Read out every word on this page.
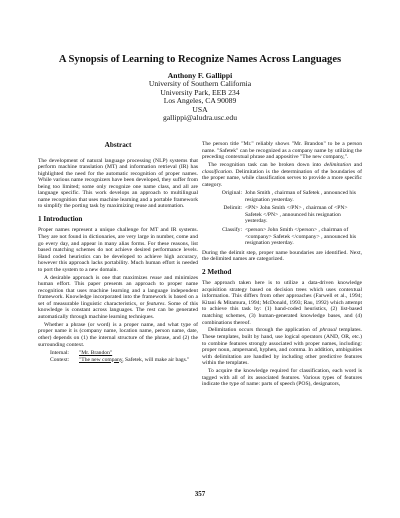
A Synopsis of Learning to Recognize Names Across Languages
Anthony F. Gallippi
University of Southern California
University Park, EEB 234
Los Angeles, CA 90089
USA
gallippi@aludra.usc.edu
Abstract

The development of natural language processing (NLP) systems that perform machine translation (MT) and information retrieval (IR) has highlighted the need for the automatic recognition of proper names. While various name recognizers have been developed, they suffer from being too limited; some only recognize one name class, and all are language specific. This work develops an approach to multilingual name recognition that uses machine learning and a portable framework to simplify the porting task by maximizing reuse and automation.

1 Introduction

Proper names represent a unique challenge for MT and IR systems. They are not found in dictionaries, are very large in number, come and go every day, and appear in many alias forms. For these reasons, list based matching schemes do not achieve desired performance levels. Hand coded heuristics can be developed to achieve high accuracy, however this approach lacks portability. Much human effort is needed to port the system to a new domain.

A desirable approach is one that maximizes reuse and minimizes human effort. This paper presents an approach to proper name recognition that uses machine learning and a language independent framework. Knowledge incorporated into the framework is based on a set of measurable linguistic characteristics, or features. Some of this knowledge is constant across languages. The rest can be generated automatically through machine learning techniques.

Whether a phrase (or word) is a proper name, and what type of proper name it is (company name, location name, person name, date, other) depends on (1) the internal structure of the phrase, and (2) the surrounding context.

Internal:	"Mr. Brandon"
Context:	"The new company, Safetek, will make air bags."

The person title "Mr." reliably shows "Mr. Brandon" to be a person name. "Safetek" can be recognized as a company name by utilizing the preceding contextual phrase and appositive "The new company,".

The recognition task can be broken down into delimitation and classification. Delimitation is the determination of the boundaries of the proper name, while classification serves to provide a more specific category.

Original: John Smith , chairman of Safetek , announced his resignation yesterday.
Delimit: <PN> John Smith </PN> , chairman of <PN> Safetek </PN> , announced his resignation yesterday.
Classify: <person> John Smith </person> , chairman of <company> Safetek </company> , announced his resignation yesterday.

During the delimit step, proper name boundaries are identified. Next, the delimited names are categorized.

2 Method

The approach taken here is to utilize a data-driven knowledge acquisition strategy based on decision trees which uses contextual information. This differs from other approaches (Farwell et al., 1994; Kitani & Mitamura, 1994; McDonald, 1993; Rau, 1992) which attempt to achieve this task by: (1) hand-coded heuristics, (2) list-based matching schemes, (3) human-generated knowledge bases, and (4) combinations thereof.

Delimitation occurs through the application of phrasal templates. These templates, built by hand, use logical operators (AND, OR, etc.) to combine features strongly associated with proper names, including: proper noun, ampersand, hyphen, and comma. In addition, ambiguities with delimitation are handled by including other predictive features within the templates.

To acquire the knowledge required for classification, each word is tagged with all of its associated features. Various types of features indicate the type of name: parts of speech (POS), designators,

357
